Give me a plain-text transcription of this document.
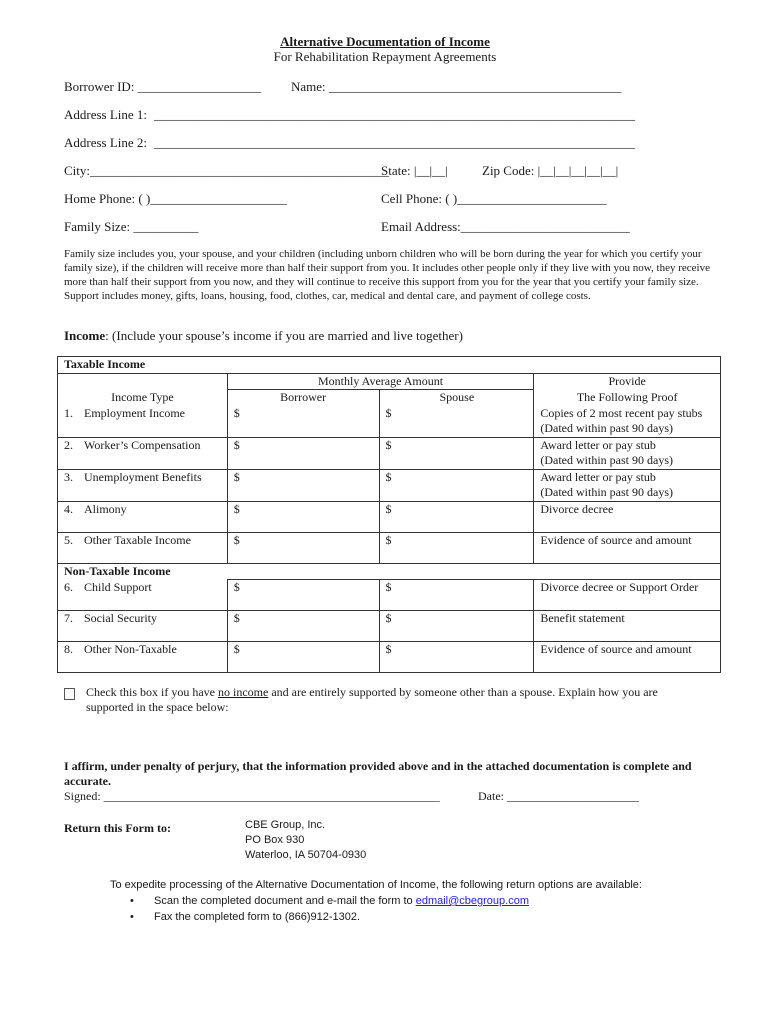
Alternative Documentation of Income
For Rehabilitation Repayment Agreements
Borrower ID: ___________________ Name: _____________________________________________
Address Line 1: __________________________________________________________________________
Address Line 2: __________________________________________________________________________
City:______________________________________________
State: |__|__|	Zip Code: |__|__|__|__|__|
Home Phone: ( )_____________________	Cell Phone: ( )_______________________
Family Size: __________	Email Address:__________________________
Family size includes you, your spouse, and your children (including unborn children who will be born during the year for which you certify your family size), if the children will receive more than half their support from you. It includes other people only if they live with you now, they receive more than half their support from you now, and they will continue to receive this support from you for the year that you certify your family size. Support includes money, gifts, loans, housing, food, clothes, car, medical and dental care, and payment of college costs.
Income: (Include your spouse’s income if you are married and live together)
Taxable Income			
	Monthly Average Amount		Provide
Income Type	Borrower	Spouse	The Following Proof
1. Employment Income	$	$	Copies of 2 most recent pay stubs
(Dated within past 90 days)

2. Worker’s Compensation	$	$	Award letter or pay stub
(Dated within past 90 days)

3. Unemployment Benefits	$	$	Award letter or pay stub
(Dated within past 90 days)

4. Alimony	$	$	Divorce decree

5. Other Taxable Income	$	$	Evidence of source and amount

Non-Taxable Income			
6. Child Support	$	$	Divorce decree or Support Order

7. Social Security	$	$	Benefit statement

8. Other Non-Taxable	$	$	Evidence of source and amount
Check this box if you have no income and are entirely supported by someone other than a spouse. Explain how you are
supported in the space below:
I affirm, under penalty of perjury, that the information provided above and in the attached documentation is complete and
accurate.
Signed: ________________________________________________________	Date: ______________________
Return this Form to:	CBE Group, Inc.
PO Box 930
Waterloo, IA 50704-0930
To expedite processing of the Alternative Documentation of Income, the following return options are available:
• Scan the completed document and e-mail the form to edmail@cbegroup.com
• Fax the completed form to (866)912-1302.
